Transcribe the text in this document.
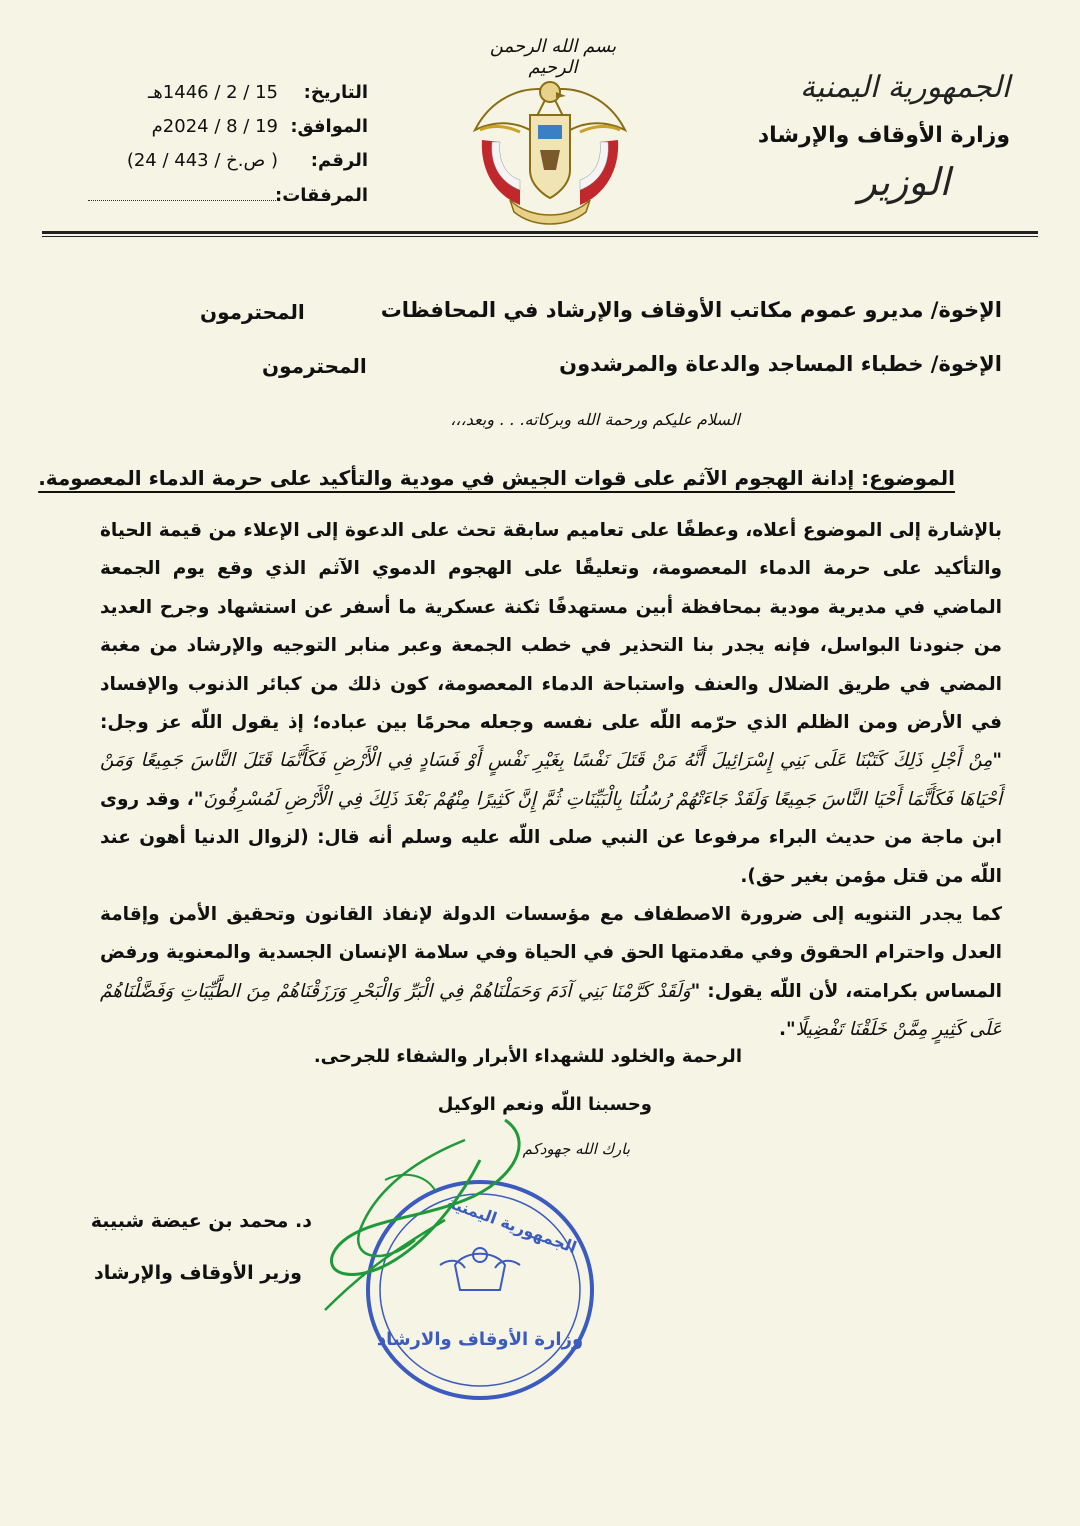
الجمهورية اليمنية
وزارة الأوقاف والإرشاد
الوزير
بسم الله الرحمن الرحيم
التاريخ:
15 / 2 / 1446هـ
الموافق:
19 / 8 / 2024م
الرقم:
( ص.خ / 443 / 24)
المرفقات:
الإخوة/ مديرو عموم مكاتب الأوقاف والإرشاد في المحافظات
المحترمون
الإخوة/ خطباء المساجد والدعاة والمرشدون
المحترمون
السلام عليكم ورحمة الله وبركاته. . . وبعد،،،
الموضوع: إدانة الهجوم الآثم على قوات الجيش في مودية والتأكيد على حرمة الدماء المعصومة.

بالإشارة إلى الموضوع أعلاه، وعطفًا على تعاميم سابقة تحث على الدعوة إلى الإعلاء من قيمة الحياة والتأكيد على حرمة الدماء المعصومة، وتعليقًا على الهجوم الدموي الآثم الذي وقع يوم الجمعة الماضي في مديرية مودية بمحافظة أبين مستهدفًا ثكنة عسكرية ما أسفر عن استشهاد وجرح العديد من جنودنا البواسل، فإنه يجدر بنا التحذير في خطب الجمعة وعبر منابر التوجيه والإرشاد من مغبة المضي في طريق الضلال والعنف واستباحة الدماء المعصومة، كون ذلك من كبائر الذنوب والإفساد في الأرض ومن الظلم الذي حرّمه اللّه على نفسه وجعله محرمًا بين عباده؛ إذ يقول اللّه عز وجل: "مِنْ أَجْلِ ذَلِكَ كَتَبْنَا عَلَى بَنِي إِسْرَائِيلَ أَنَّهُ مَنْ قَتَلَ نَفْسًا بِغَيْرِ نَفْسٍ أَوْ فَسَادٍ فِي الْأَرْضِ فَكَأَنَّمَا قَتَلَ النَّاسَ جَمِيعًا وَمَنْ أَحْيَاهَا فَكَأَنَّمَا أَحْيَا النَّاسَ جَمِيعًا وَلَقَدْ جَاءَتْهُمْ رُسُلُنَا بِالْبَيِّنَاتِ ثُمَّ إِنَّ كَثِيرًا مِنْهُمْ بَعْدَ ذَلِكَ فِي الْأَرْضِ لَمُسْرِفُونَ"، وقد روى ابن ماجة من حديث البراء مرفوعا عن النبي صلى اللّه عليه وسلم أنه قال: (لزوال الدنيا أهون عند اللّه من قتل مؤمن بغير حق).

كما يجدر التنويه إلى ضرورة الاصطفاف مع مؤسسات الدولة لإنفاذ القانون وتحقيق الأمن وإقامة العدل واحترام الحقوق وفي مقدمتها الحق في الحياة وفي سلامة الإنسان الجسدية والمعنوية ورفض المساس بكرامته، لأن اللّه يقول: "وَلَقَدْ كَرَّمْنَا بَنِي آدَمَ وَحَمَلْنَاهُمْ فِي الْبَرِّ وَالْبَحْرِ وَرَزَقْنَاهُمْ مِنَ الطَّيِّبَاتِ وَفَضَّلْنَاهُمْ عَلَى كَثِيرٍ مِمَّنْ خَلَقْنَا تَفْضِيلًا".

الرحمة والخلود للشهداء الأبرار والشفاء للجرحى.
وحسبنا اللّه ونعم الوكيل
بارك الله جهودكم
الجمهورية اليمنية
وزارة الأوقاف والارشاد
د. محمد بن عيضة شبيبة
وزير الأوقاف والإرشاد
